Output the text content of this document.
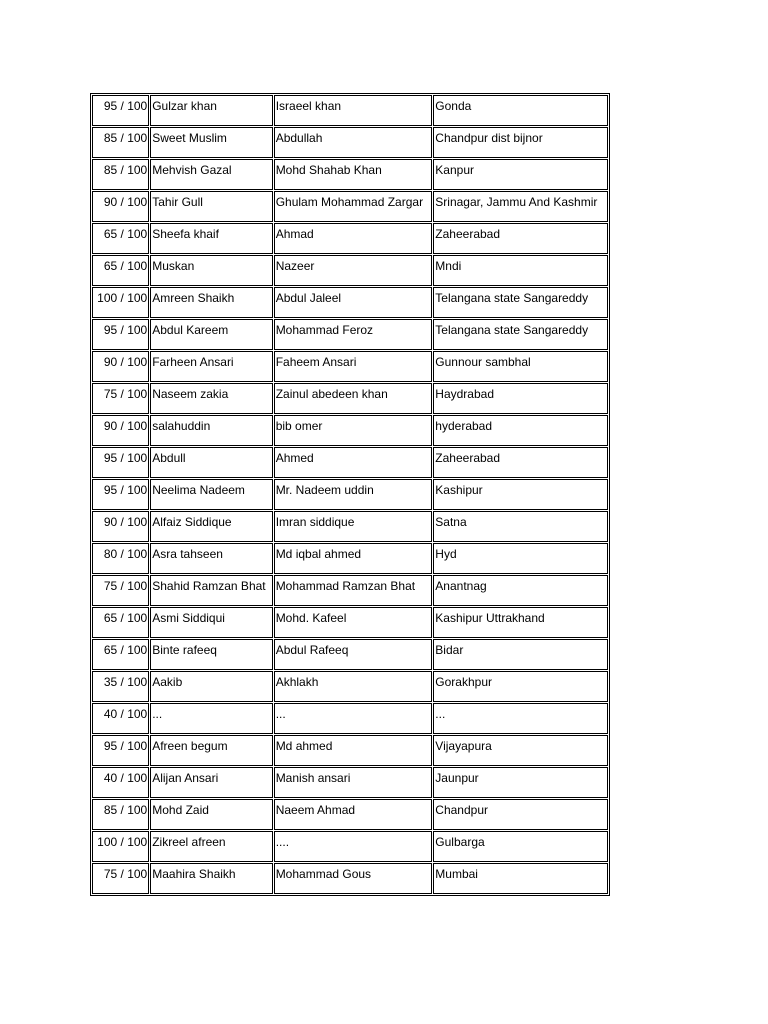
95 / 100	Gulzar khan	Israeel khan	Gonda
85 / 100	Sweet Muslim	Abdullah	Chandpur dist bijnor
85 / 100	Mehvish Gazal	Mohd Shahab Khan	Kanpur
90 / 100	Tahir Gull	Ghulam Mohammad Zargar	Srinagar, Jammu And Kashmir
65 / 100	Sheefa khaif	Ahmad	Zaheerabad
65 / 100	Muskan	Nazeer	Mndi
100 / 100	Amreen Shaikh	Abdul Jaleel	Telangana state Sangareddy
95 / 100	Abdul Kareem	Mohammad Feroz	Telangana state Sangareddy
90 / 100	Farheen Ansari	Faheem Ansari	Gunnour sambhal
75 / 100	Naseem zakia	Zainul abedeen khan	Haydrabad
90 / 100	salahuddin	bib omer	hyderabad
95 / 100	Abdull	Ahmed	Zaheerabad
95 / 100	Neelima Nadeem	Mr. Nadeem uddin	Kashipur
90 / 100	Alfaiz Siddique	Imran siddique	Satna
80 / 100	Asra tahseen	Md iqbal ahmed	Hyd
75 / 100	Shahid Ramzan Bhat	Mohammad Ramzan Bhat	Anantnag
65 / 100	Asmi Siddiqui	Mohd. Kafeel	Kashipur Uttrakhand
65 / 100	Binte rafeeq	Abdul Rafeeq	Bidar
35 / 100	Aakib	Akhlakh	Gorakhpur
40 / 100	...	...	...
95 / 100	Afreen begum	Md ahmed	Vijayapura
40 / 100	Alijan Ansari	Manish ansari	Jaunpur
85 / 100	Mohd Zaid	Naeem Ahmad	Chandpur
100 / 100	Zikreel afreen	....	Gulbarga
75 / 100	Maahira Shaikh	Mohammad Gous	Mumbai
